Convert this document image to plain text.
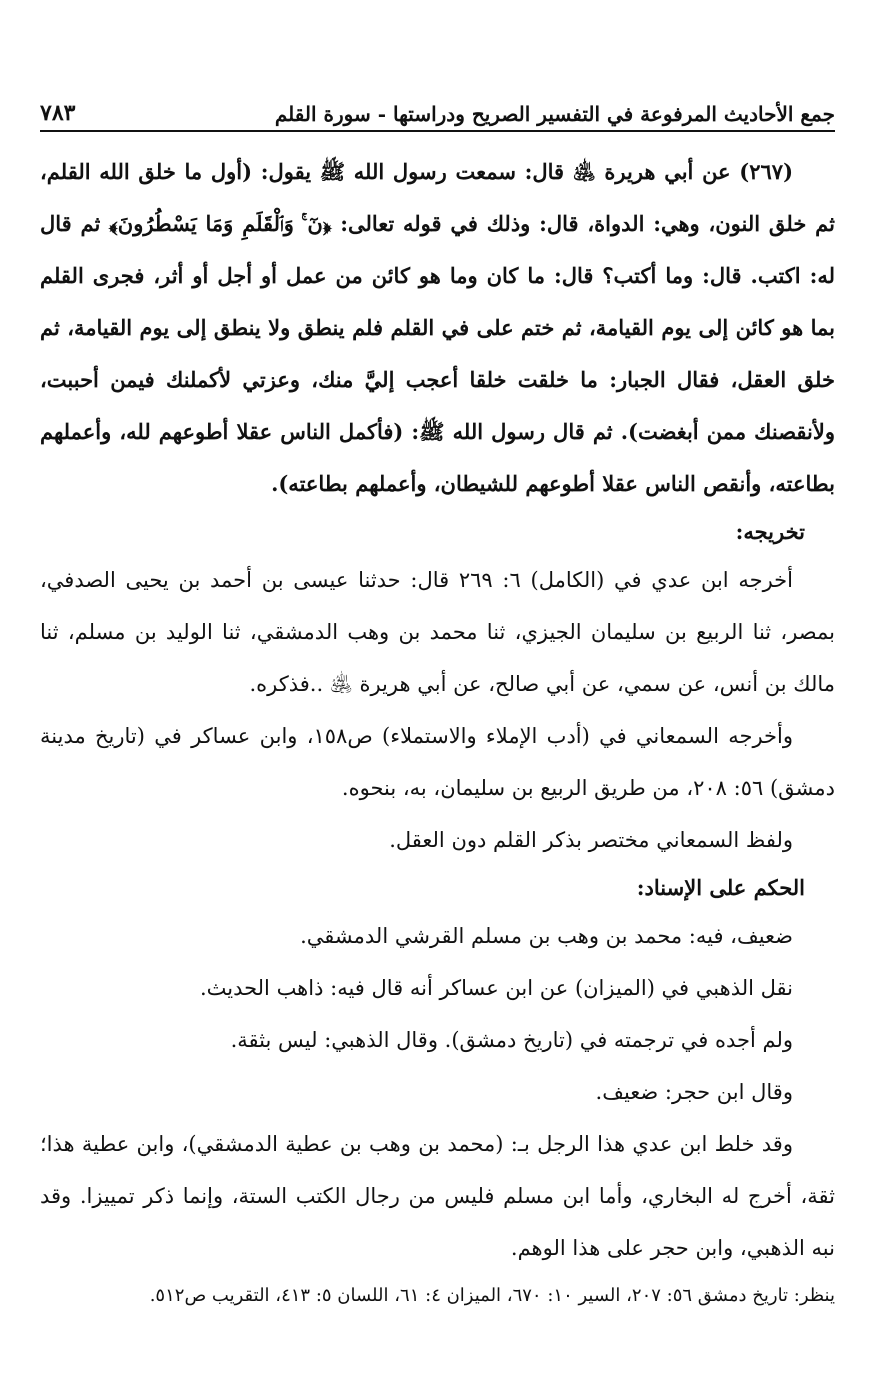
جمع الأحاديث المرفوعة في التفسير الصريح ودراستها - سورة القلم
٧٨٣

(٢٦٧) عن أبي هريرة ﵁ قال: سمعت رسول الله ﷺ يقول: (أول ما خلق الله القلم، ثم خلق النون، وهي: الدواة، قال: وذلك في قوله تعالى: ﴿نٓ ۚ وَٱلْقَلَمِ وَمَا يَسْطُرُونَ﴾ ثم قال له: اكتب. قال: وما أكتب؟ قال: ما كان وما هو كائن من عمل أو أجل أو أثر، فجرى القلم بما هو كائن إلى يوم القيامة، ثم ختم على في القلم فلم ينطق ولا ينطق إلى يوم القيامة، ثم خلق العقل، فقال الجبار: ما خلقت خلقا أعجب إليَّ منك، وعزتي لأكملنك فيمن أحببت، ولأنقصنك ممن أبغضت). ثم قال رسول الله ﷺ: (فأكمل الناس عقلا أطوعهم لله، وأعملهم بطاعته، وأنقص الناس عقلا أطوعهم للشيطان، وأعملهم بطاعته).

تخريجه:

أخرجه ابن عدي في (الكامل) ٦: ٢٦٩ قال: حدثنا عيسى بن أحمد بن يحيى الصدفي، بمصر، ثنا الربيع بن سليمان الجيزي، ثنا محمد بن وهب الدمشقي، ثنا الوليد بن مسلم، ثنا مالك بن أنس، عن سمي، عن أبي صالح، عن أبي هريرة ﵁ ..فذكره.

وأخرجه السمعاني في (أدب الإملاء والاستملاء) ص١٥٨، وابن عساكر في (تاريخ مدينة دمشق) ٥٦: ٢٠٨، من طريق الربيع بن سليمان، به، بنحوه.

ولفظ السمعاني مختصر بذكر القلم دون العقل.

الحكم على الإسناد:

ضعيف، فيه: محمد بن وهب بن مسلم القرشي الدمشقي.

نقل الذهبي في (الميزان) عن ابن عساكر أنه قال فيه: ذاهب الحديث.

ولم أجده في ترجمته في (تاريخ دمشق). وقال الذهبي: ليس بثقة.

وقال ابن حجر: ضعيف.

وقد خلط ابن عدي هذا الرجل بـ: (محمد بن وهب بن عطية الدمشقي)، وابن عطية هذا؛ ثقة، أخرج له البخاري، وأما ابن مسلم فليس من رجال الكتب الستة، وإنما ذكر تمييزا. وقد نبه الذهبي، وابن حجر على هذا الوهم.

ينظر: تاريخ دمشق ٥٦: ٢٠٧، السير ١٠: ٦٧٠، الميزان ٤: ٦١، اللسان ٥: ٤١٣، التقريب ص٥١٢.
